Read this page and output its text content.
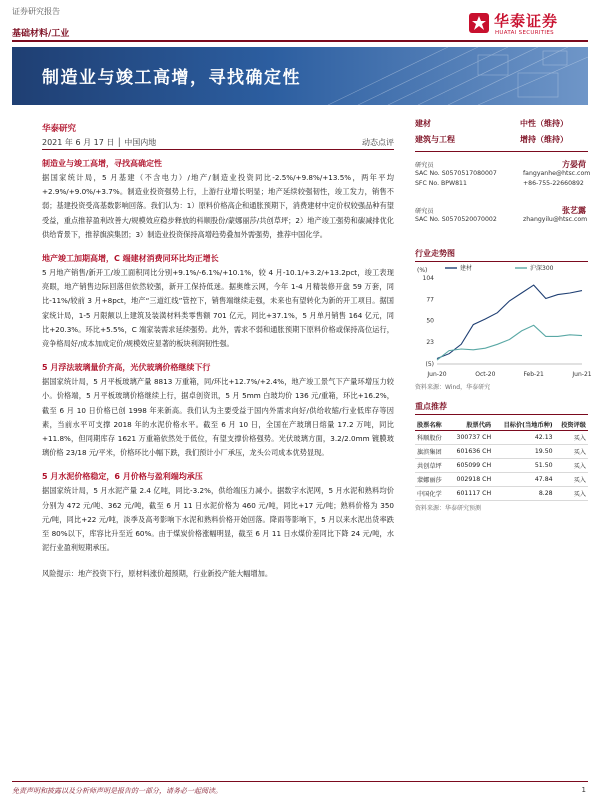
证券研究报告
华泰证券
HUATAI SECURITIES
基础材料/工业
制造业与竣工高增，寻找确定性
华泰研究
2021 年 6 月 17 日 │ 中国内地	动态点评
制造业与竣工高增，寻找高确定性
据国家统计局，5 月基建（不含电力）/地产/制造业投资同比-2.5%/+9.8%/+13.5%，两年平均+2.9%/+9.0%/+3.7%。制造业投资强势上行，上游行业增长明显；地产延续较强韧性，竣工发力，销售不弱；基建投资受高基数影响回落。我们认为：1）原料价格高企和通胀预期下，消费建材中定价权较强品种有望受益，重点推荐盈利改善大/规模效应稳步释放的科顺股份/蒙娜丽莎/共创草坪；2）地产竣工强势和碳减排优化供给背景下，推荐旗滨集团；3）制造业投资保持高增趋势叠加外需强势，推荐中国化学。
地产竣工加期高增，C 端建材消费同环比均正增长
5 月地产销售/新开工/竣工面积同比分别+9.1%/-6.1%/+10.1%，较 4 月-10.1/+3.2/+13.2pct，竣工表现亮眼，地产销售边际回落但依然较强，新开工保持低迷。据奥维云网，今年 1-4 月精装修开盘 59 万套，同比-11%/较前 3 月+8pct，地产“三道红线”管控下，销售端继续走强，未来也有望转化为新的开工项目。据国家统计局，1-5 月限额以上建筑及装潢材料类零售额 701 亿元，同比+37.1%，5 月单月销售 164 亿元，同比+20.3%。环比+5.5%，C 端家装需求延续强势。此外，需求不弱和通胀预期下原料价格或保持高位运行，竞争格局好/成本加成定价/规模效应显著的板块利润韧性强。
5 月浮法玻璃量价齐高，光伏玻璃价格继续下行
据国家统计局，5 月平板玻璃产量 8813 万重箱，同/环比+12.7%/+2.4%，地产竣工景气下产量环增压力较小。价格端，5 月平板玻璃价格继续上行，据卓创资讯，5 月 5mm 白玻均价 136 元/重箱，环比+16.2%，截至 6 月 10 日价格已创 1998 年来新高。我们认为主要受益于国内外需求向好/供给收缩/行业低库存等因素，当前水平可支撑 2018 年的水泥价格水平。截至 6 月 10 日，全国在产玻璃日熔量 17.2 万吨，同比+11.8%，但同期库存 1621 万重箱依然处于低位，有望支撑价格强势。光伏玻璃方面，3.2/2.0mm 镀膜玻璃价格 23/18 元/平米，价格环比小幅下跌，我们预计小厂承压，龙头公司成本优势显现。
5 月水泥价格稳定，6 月价格与盈利端均承压
据国家统计局，5 月水泥产量 2.4 亿吨，同比-3.2%，供给端压力减小。据数字水泥网，5 月水泥和熟料均价分别为 472 元/吨、362 元/吨，截至 6 月 11 日水泥价格为 460 元/吨，同比+17 元/吨；熟料价格为 350 元/吨，同比+22 元/吨，淡季及高考影响下水泥和熟料价格开始回落。降雨等影响下，5 月以来水泥出货率跌至 80%以下，库容比升至近 60%。由于煤炭价格涨幅明显，截至 6 月 11 日水煤价差同比下降 24 元/吨，水泥行业盈利短期承压。
风险提示：地产投资下行，原材料涨价超预期，行业新投产能大幅增加。
建材	中性（维持）
建筑与工程	增持（维持）
研究员	方晏荷
SAC No. S0570517080007
SFC No. BPW811
fangyanhe@htsc.com
+86-755-22660892
研究员	张艺露
SAC No. S0570520070002	zhangyilu@htsc.com
行业走势图
104
77
50
23
(5)
(%)
Jun-20	Oct-20	Feb-21	Jun-21
建材	沪深300
资料来源：Wind，华泰研究
重点推荐
股票名称	股票代码	目标价(当地币种)	投资评级
科顺股份	300737 CH	42.13	买入
旗滨集团	601636 CH	19.50	买入
共创草坪	605099 CH	51.50	买入
蒙娜丽莎	002918 CH	47.84	买入
中国化学	601117 CH	8.28	买入
资料来源：华泰研究预测
免责声明和披露以及分析师声明是报告的一部分，请务必一起阅读。	1
